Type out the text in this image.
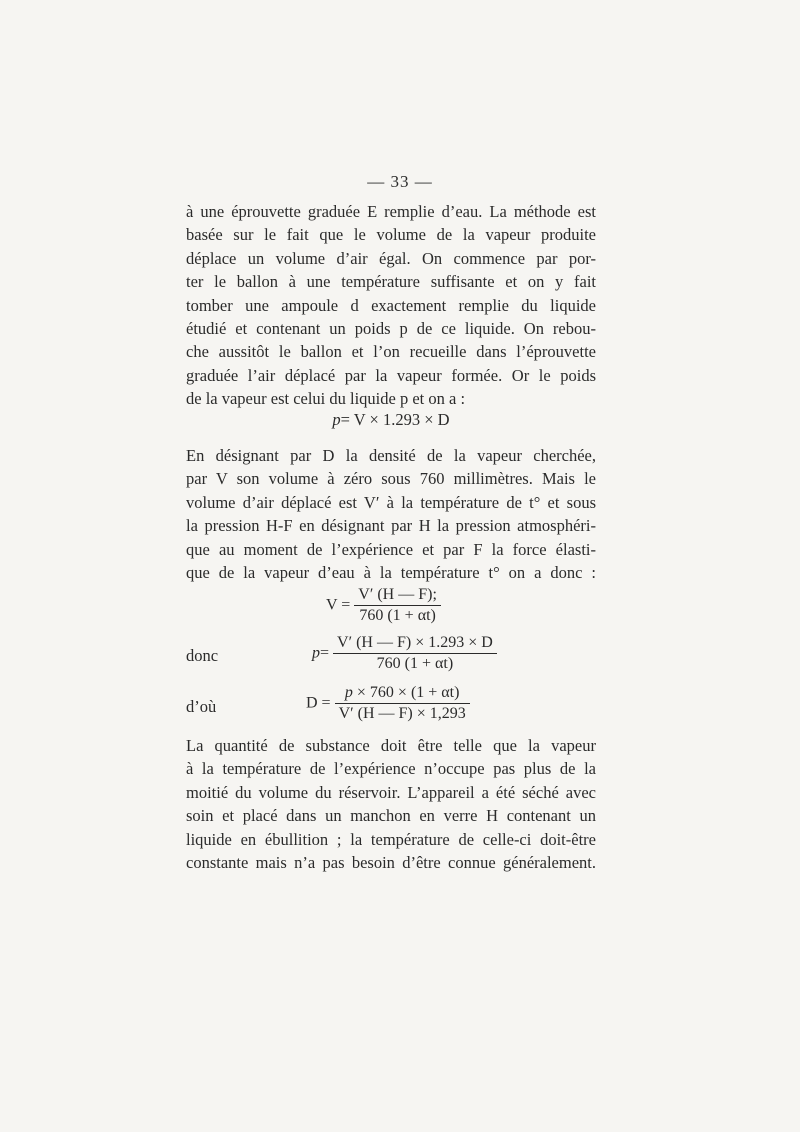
— 33 —
à une éprouvette graduée E remplie d’eau. La méthode est
basée sur le fait que le volume de la vapeur produite
déplace un volume d’air égal. On commence par por-
ter le ballon à une température suffisante et on y fait
tomber une ampoule d exactement remplie du liquide
étudié et contenant un poids p de ce liquide. On rebou-
che aussitôt le ballon et l’on recueille dans l’éprouvette
graduée l’air déplacé par la vapeur formée. Or le poids
de la vapeur est celui du liquide p et on a :
p= V × 1.293 × D
En désignant par D la densité de la vapeur cherchée,
par V son volume à zéro sous 760 millimètres. Mais le
volume d’air déplacé est V′ à la température de t° et sous
la pression H-F en désignant par H la pression atmosphéri-
que au moment de l’expérience et par F la force élasti-
que de la vapeur d’eau à la température t° on a donc :
$V = \frac{V' (H — F);}{760 (1 + \alpha t)}$
donc	$p= \frac{V' (H — F) \times 1.293 \times D}{760 (1 + \alpha t)}$
d’où	$D = \frac{p \times 760 \times (1 + \alpha t)}{V' (H — F) \times 1,293}$
La quantité de substance doit être telle que la vapeur
à la température de l’expérience n’occupe pas plus de la
moitié du volume du réservoir. L’appareil a été séché avec
soin et placé dans un manchon en verre H contenant un
liquide en ébullition ; la température de celle-ci doit-être
constante mais n’a pas besoin d’être connue généralement.
